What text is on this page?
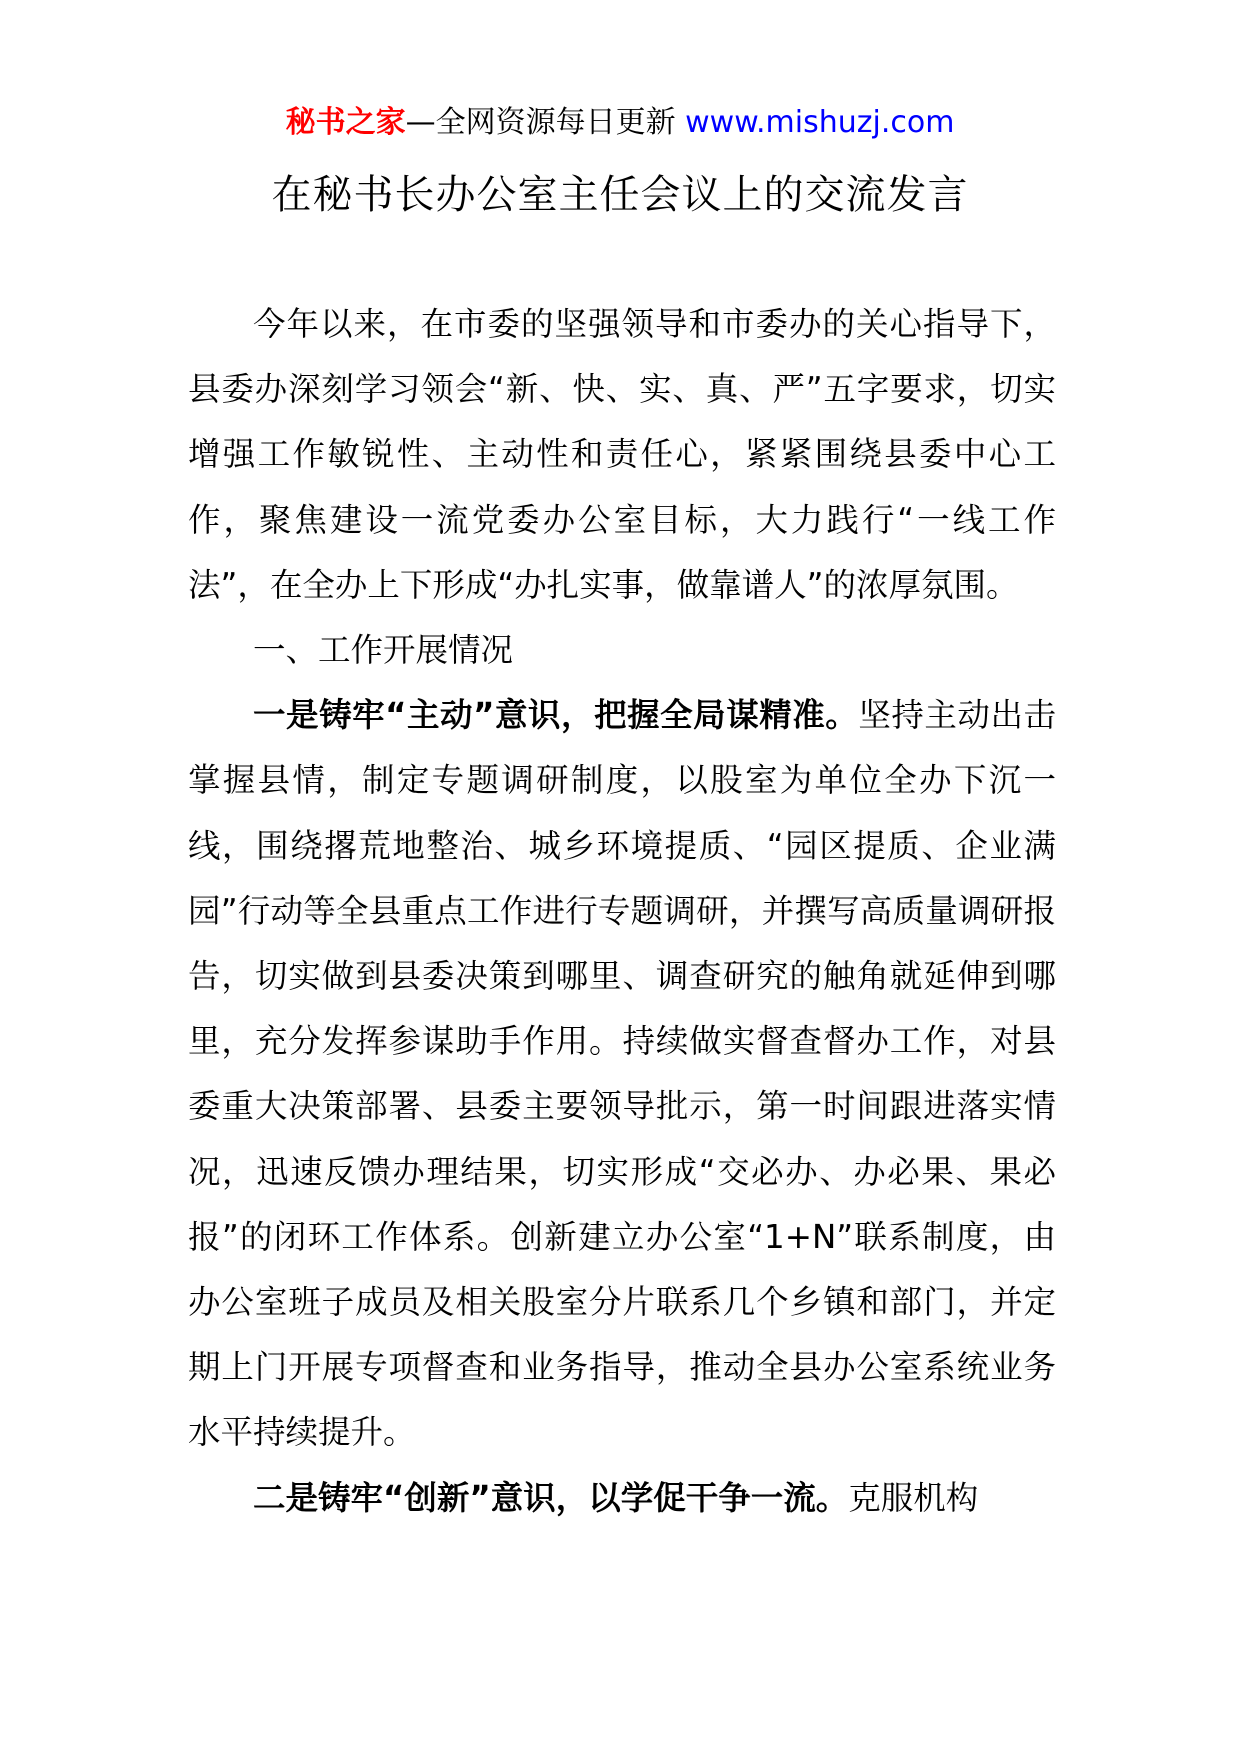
秘书之家—全网资源每日更新 www.mishuzj.com
在秘书长办公室主任会议上的交流发言

今年以来，在市委的坚强领导和市委办的关心指导下，县委办深刻学习领会“新、快、实、真、严”五字要求，切实增强工作敏锐性、主动性和责任心，紧紧围绕县委中心工作，聚焦建设一流党委办公室目标，大力践行“一线工作法”，在全办上下形成“办扎实事，做靠谱人”的浓厚氛围。

一、工作开展情况

一是铸牢“主动”意识，把握全局谋精准。坚持主动出击掌握县情，制定专题调研制度，以股室为单位全办下沉一线，围绕撂荒地整治、城乡环境提质、“园区提质、企业满园”行动等全县重点工作进行专题调研，并撰写高质量调研报告，切实做到县委决策到哪里、调查研究的触角就延伸到哪里，充分发挥参谋助手作用。持续做实督查督办工作，对县委重大决策部署、县委主要领导批示，第一时间跟进落实情况，迅速反馈办理结果，切实形成“交必办、办必果、果必报”的闭环工作体系。创新建立办公室“1+N”联系制度，由办公室班子成员及相关股室分片联系几个乡镇和部门，并定期上门开展专项督查和业务指导，推动全县办公室系统业务水平持续提升。

二是铸牢“创新”意识，以学促干争一流。克服机构
